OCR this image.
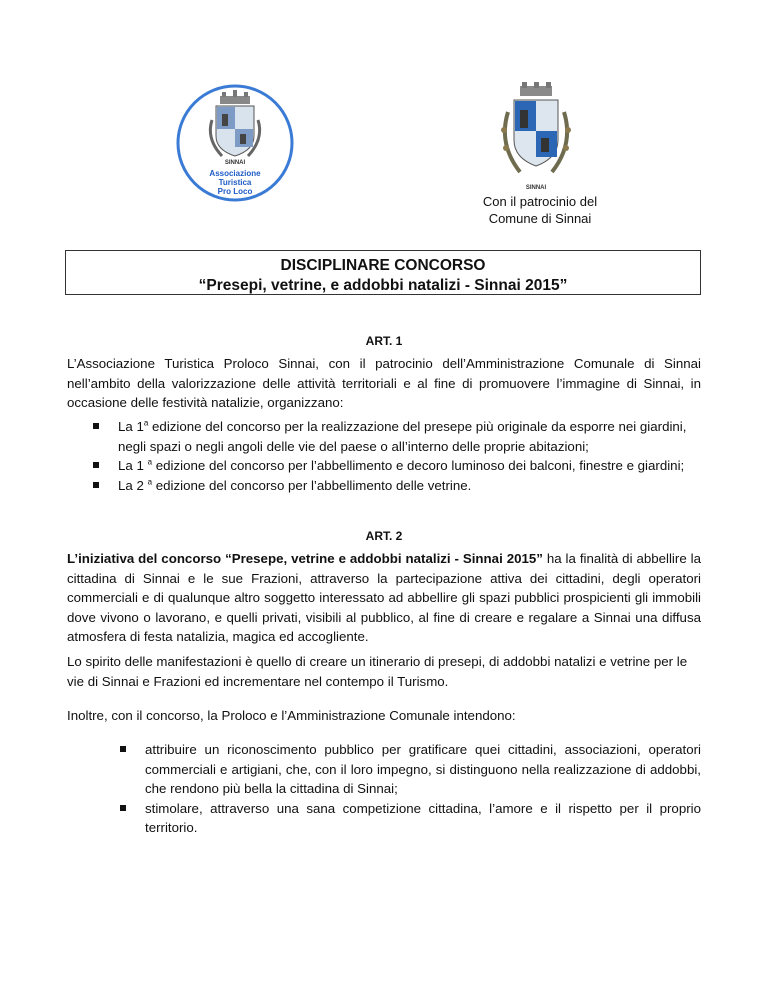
SINNAI
Associazione
Turistica
Pro Loco	SINNAI
Con il patrocinio del
Comune di Sinnai
DISCIPLINARE CONCORSO
“Presepi, vetrine, e addobbi natalizi - Sinnai 2015”
ART. 1
L’Associazione Turistica Proloco Sinnai, con il patrocinio dell’Amministrazione Comunale di Sinnai nell’ambito della valorizzazione delle attività territoriali e al fine di promuovere l’immagine di Sinnai, in occasione delle festività natalizie, organizzano:
La 1$^a$ edizione del concorso per la realizzazione del presepe più originale da esporre nei giardini, negli spazi o negli angoli delle vie del paese o all’interno delle proprie abitazioni;
La 1 $^a$ edizione del concorso per l’abbellimento e decoro luminoso dei balconi, finestre e giardini;
La 2 $^a$ edizione del concorso per l’abbellimento delle vetrine.
ART. 2
L’iniziativa del concorso “Presepe, vetrine e addobbi natalizi - Sinnai 2015” ha la finalità di abbellire la cittadina di Sinnai e le sue Frazioni, attraverso la partecipazione attiva dei cittadini, degli operatori commerciali e di qualunque altro soggetto interessato ad abbellire gli spazi pubblici prospicienti gli immobili dove vivono o lavorano, e quelli privati, visibili al pubblico, al fine di creare e regalare a Sinnai una diffusa atmosfera di festa natalizia, magica ed accogliente.
Lo spirito delle manifestazioni è quello di creare un itinerario di presepi, di addobbi natalizi e vetrine per le vie di Sinnai e Frazioni ed incrementare nel contempo il Turismo.
Inoltre, con il concorso, la Proloco e l’Amministrazione Comunale intendono:
attribuire un riconoscimento pubblico per gratificare quei cittadini, associazioni, operatori commerciali e artigiani, che, con il loro impegno, si distinguono nella realizzazione di addobbi, che rendono più bella la cittadina di Sinnai;
stimolare, attraverso una sana competizione cittadina, l’amore e il rispetto per il proprio territorio.
